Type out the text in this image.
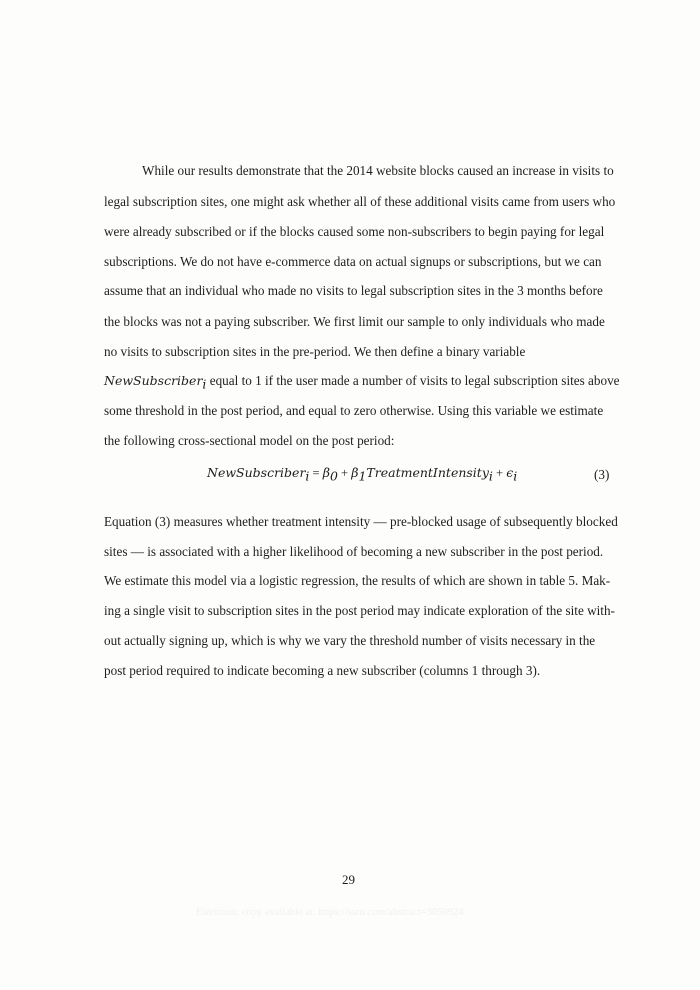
While our results demonstrate that the 2014 website blocks caused an increase in visits to
legal subscription sites, one might ask whether all of these additional visits came from users who
were already subscribed or if the blocks caused some non-subscribers to begin paying for legal
subscriptions. We do not have e-commerce data on actual signups or subscriptions, but we can
assume that an individual who made no visits to legal subscription sites in the 3 months before
the blocks was not a paying subscriber. We first limit our sample to only individuals who made
no visits to subscription sites in the pre-period. We then define a binary variable
NewSubscriber$_i$ equal to 1 if the user made a number of visits to legal subscription sites above
some threshold in the post period, and equal to zero otherwise. Using this variable we estimate
the following cross-sectional model on the post period:
NewSubscriber$_i$ = $\beta_0$ + $\beta_1TreatmentIntensity_i + \epsilon_i$	(3)
Equation (3) measures whether treatment intensity — pre-blocked usage of subsequently blocked
sites — is associated with a higher likelihood of becoming a new subscriber in the post period.
We estimate this model via a logistic regression, the results of which are shown in table 5. Mak-
ing a single visit to subscription sites in the post period may indicate exploration of the site with-
out actually signing up, which is why we vary the threshold number of visits necessary in the
post period required to indicate becoming a new subscriber (columns 1 through 3).
29
Electronic copy available at: https://ssrn.com/abstract=3050924
